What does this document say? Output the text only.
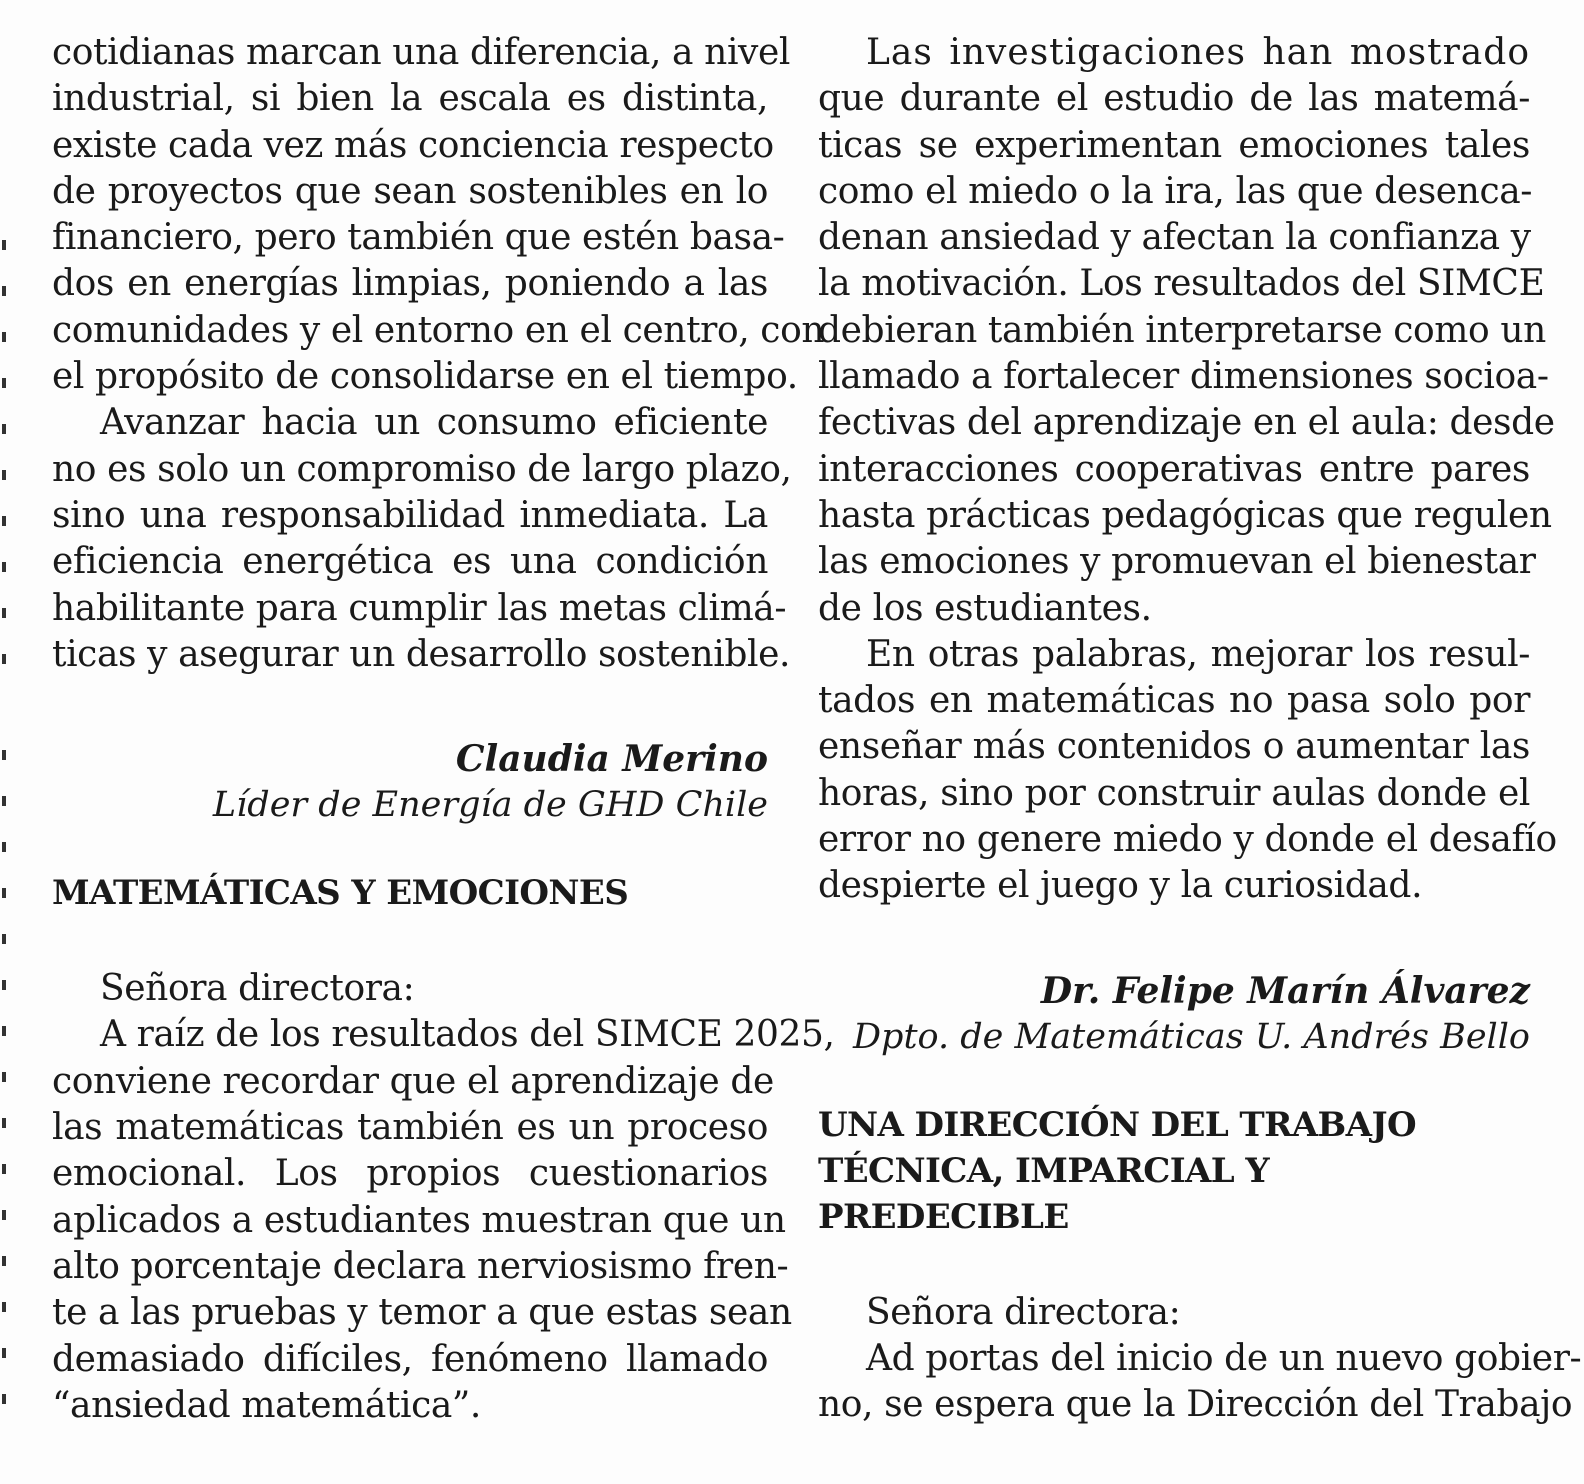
cotidianas marcan una diferencia, a nivel
industrial, si bien la escala es distinta,
existe cada vez más conciencia respecto
de proyectos que sean sostenibles en lo
financiero, pero también que estén basa-
dos en energías limpias, poniendo a las
comunidades y el entorno en el centro, con
el propósito de consolidarse en el tiempo.
Avanzar hacia un consumo eficiente
no es solo un compromiso de largo plazo,
sino una responsabilidad inmediata. La
eficiencia energética es una condición
habilitante para cumplir las metas climá-
ticas y asegurar un desarrollo sostenible.
Claudia Merino
Líder de Energía de GHD Chile
MATEMÁTICAS Y EMOCIONES
Señora directora:
A raíz de los resultados del SIMCE 2025,
conviene recordar que el aprendizaje de
las matemáticas también es un proceso
emocional. Los propios cuestionarios
aplicados a estudiantes muestran que un
alto porcentaje declara nerviosismo fren-
te a las pruebas y temor a que estas sean
demasiado difíciles, fenómeno llamado
“ansiedad matemática”.
Las investigaciones han mostrado
que durante el estudio de las matemá-
ticas se experimentan emociones tales
como el miedo o la ira, las que desenca-
denan ansiedad y afectan la confianza y
la motivación. Los resultados del SIMCE
debieran también interpretarse como un
llamado a fortalecer dimensiones socioa-
fectivas del aprendizaje en el aula: desde
interacciones cooperativas entre pares
hasta prácticas pedagógicas que regulen
las emociones y promuevan el bienestar
de los estudiantes.
En otras palabras, mejorar los resul-
tados en matemáticas no pasa solo por
enseñar más contenidos o aumentar las
horas, sino por construir aulas donde el
error no genere miedo y donde el desafío
despierte el juego y la curiosidad.
Dr. Felipe Marín Álvarez
Dpto. de Matemáticas U. Andrés Bello
UNA DIRECCIÓN DEL TRABAJO
TÉCNICA, IMPARCIAL Y
PREDECIBLE
Señora directora:
Ad portas del inicio de un nuevo gobier-
no, se espera que la Dirección del Trabajo
